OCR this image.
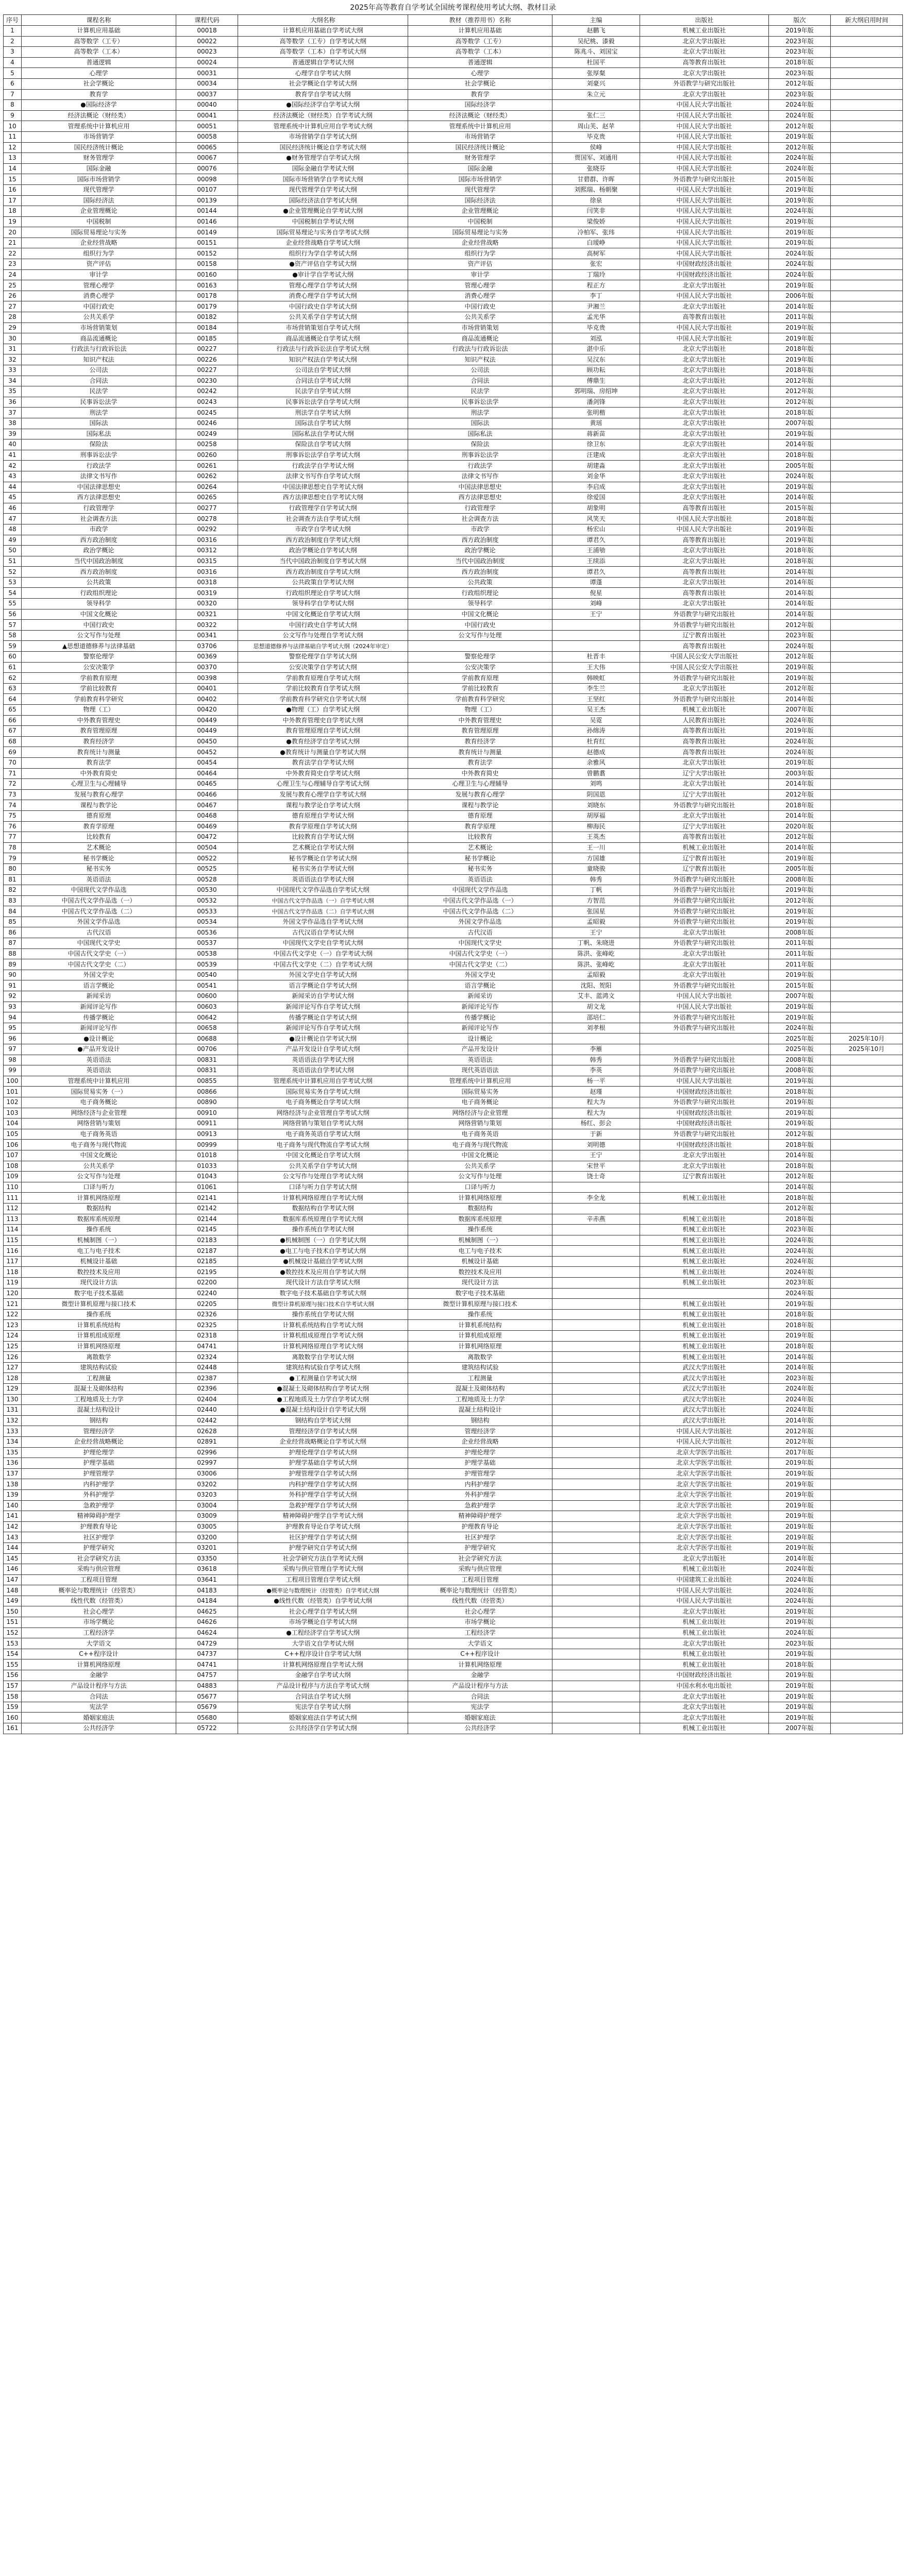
2025年高等教育自学考试全国统考课程使用考试大纲、教材目录
序号	课程名称	课程代码	大纲名称	教材（推荐用书）名称	主编	出版社	版次	新大纲启用时间
1	计算机应用基础	00018	计算机应用基础自学考试大纲	计算机应用基础	赵鹏飞	机械工业出版社	2019年版	
2	高等数学（工专）	00022	高等数学（工专）自学考试大纲	高等数学（工专）	吴纪桃、漆毅	北京大学出版社	2023年版	
3	高等数学（工本）	00023	高等数学（工本）自学考试大纲	高等数学（工本）	陈兆斗、刘国宝	北京大学出版社	2023年版	
4	普通逻辑	00024	普通逻辑自学考试大纲	普通逻辑	杜国平	高等教育出版社	2018年版	
5	心理学	00031	心理学自学考试大纲	心理学	张厚粲	北京大学出版社	2023年版	
6	社会学概论	00034	社会学概论自学考试大纲	社会学概论	刘豪兴	外语教学与研究出版社	2012年版	
7	教育学	00037	教育学自学考试大纲	教育学	朱立元	北京大学出版社	2023年版	
8	●国际经济学	00040	●国际经济学自学考试大纲	国际经济学		中国人民大学出版社	2024年版	
9	经济法概论（财经类）	00041	经济法概论（财经类）自学考试大纲	经济法概论（财经类）	张仁三	中国人民大学出版社	2024年版	
10	管理系统中计算机应用	00051	管理系统中计算机应用自学考试大纲	管理系统中计算机应用	周山芙、赵苹	中国人民大学出版社	2012年版	
11	市场营销学	00058	市场营销学自学考试大纲	市场营销学	毕克贵	中国人民大学出版社	2019年版	
12	国民经济统计概论	00065	国民经济统计概论自学考试大纲	国民经济统计概论	侯峰	中国人民大学出版社	2012年版	
13	财务管理学	00067	●财务管理学自学考试大纲	财务管理学	贾国军、刘通用	中国人民大学出版社	2024年版	
14	国际金融	00076	国际金融自学考试大纲	国际金融	张晓芬	中国人民大学出版社	2024年版	
15	国际市场营销学	00098	国际市场营销学自学考试大纲	国际市场营销学	甘碧群、许晖	外语教学与研究出版社	2015年版	
16	现代管理学	00107	现代管理学自学考试大纲	现代管理学	刘熙瑞、杨朝聚	中国人民大学出版社	2019年版	
17	国际经济法	00139	国际经济法自学考试大纲	国际经济法	徐泉	中国人民大学出版社	2019年版	
18	企业管理概论	00144	●企业管理概论自学考试大纲	企业管理概论	闫笑非	中国人民大学出版社	2024年版	
19	中国税制	00146	中国税制自学考试大纲	中国税制	梁俊娇	中国人民大学出版社	2019年版	
20	国际贸易理论与实务	00149	国际贸易理论与实务自学考试大纲	国际贸易理论与实务	冷柏军、张玮	中国人民大学出版社	2019年版	
21	企业经营战略	00151	企业经营战略自学考试大纲	企业经营战略	白瑷峥	中国人民大学出版社	2019年版	
22	组织行为学	00152	组织行为学自学考试大纲	组织行为学	高树军	中国人民大学出版社	2024年版	
23	资产评估	00158	●资产评估自学考试大纲	资产评估	张宏	中国财政经济出版社	2024年版	
24	审计学	00160	●审计学自学考试大纲	审计学	丁瑞玲	中国财政经济出版社	2024年版	
25	管理心理学	00163	管理心理学自学考试大纲	管理心理学	程正方	北京大学出版社	2019年版	
26	消费心理学	00178	消费心理学自学考试大纲	消费心理学	李丁	中国人民大学出版社	2006年版	
27	中国行政史	00179	中国行政史自学考试大纲	中国行政史	尹湘兰	北京大学出版社	2014年版	
28	公共关系学	00182	公共关系学自学考试大纲	公共关系学	孟光华	高等教育出版社	2011年版	
29	市场营销策划	00184	市场营销策划自学考试大纲	市场营销策划	毕克贵	中国人民大学出版社	2019年版	
30	商品流通概论	00185	商品流通概论自学考试大纲	商品流通概论	刘泓	中国人民大学出版社	2019年版	
31	行政法与行政诉讼法	00227	行政法与行政诉讼法自学考试大纲	行政法与行政诉讼法	湛中乐	北京大学出版社	2018年版	
32	知识产权法	00226	知识产权法自学考试大纲	知识产权法	吴汉东	北京大学出版社	2019年版	
33	公司法	00227	公司法自学考试大纲	公司法	顾功耘	北京大学出版社	2018年版	
34	合同法	00230	合同法自学考试大纲	合同法	傅鼎生	北京大学出版社	2012年版	
35	民法学	00242	民法学自学考试大纲	民法学	郭明瑞、房绍坤	北京大学出版社	2012年版	
36	民事诉讼法学	00243	民事诉讼法学自学考试大纲	民事诉讼法学	潘剑锋	北京大学出版社	2012年版	
37	刑法学	00245	刑法学自学考试大纲	刑法学	张明楷	北京大学出版社	2018年版	
38	国际法	00246	国际法自学考试大纲	国际法	黄瑶	北京大学出版社	2007年版	
39	国际私法	00249	国际私法自学考试大纲	国际私法	蒋新苗	北京大学出版社	2019年版	
40	保险法	00258	保险法自学考试大纲	保险法	徐卫东	北京大学出版社	2014年版	
41	刑事诉讼法学	00260	刑事诉讼法学自学考试大纲	刑事诉讼法学	汪建成	北京大学出版社	2018年版	
42	行政法学	00261	行政法学自学考试大纲	行政法学	胡建淼	北京大学出版社	2005年版	
43	法律文书写作	00262	法律文书写作自学考试大纲	法律文书写作	刘金华	北京大学出版社	2024年版	
44	中国法律思想史	00264	中国法律思想史自学考试大纲	中国法律思想史	李启成	北京大学出版社	2019年版	
45	西方法律思想史	00265	西方法律思想史自学考试大纲	西方法律思想史	徐爱国	北京大学出版社	2014年版	
46	行政管理学	00277	行政管理学自学考试大纲	行政管理学	胡象明	高等教育出版社	2015年版	
47	社会调查方法	00278	社会调查方法自学考试大纲	社会调查方法	风笑天	中国人民大学出版社	2018年版	
48	市政学	00292	市政学自学考试大纲	市政学	杨宏山	中国人民大学出版社	2019年版	
49	西方政治制度	00316	西方政治制度自学考试大纲	西方政治制度	谭君久	高等教育出版社	2019年版	
50	政治学概论	00312	政治学概论自学考试大纲	政治学概论	王浦劬	北京大学出版社	2018年版	
51	当代中国政治制度	00315	当代中国政治制度自学考试大纲	当代中国政治制度	王续添	北京大学出版社	2018年版	
52	西方政治制度	00316	西方政治制度自学考试大纲	西方政治制度	谭君久	高等教育出版社	2014年版	
53	公共政策	00318	公共政策自学考试大纲	公共政策	谭蓬	北京大学出版社	2014年版	
54	行政组织理论	00319	行政组织理论自学考试大纲	行政组织理论	倪星	高等教育出版社	2014年版	
55	领导科学	00320	领导科学自学考试大纲	领导科学	刘峰	北京大学出版社	2014年版	
56	中国文化概论	00321	中国文化概论自学考试大纲	中国文化概论	王宁	外语教学与研究出版社	2014年版	
57	中国行政史	00322	中国行政史自学考试大纲	中国行政史		外语教学与研究出版社	2012年版	
58	公文写作与处理	00341	公文写作与处理自学考试大纲	公文写作与处理		辽宁教育出版社	2023年版	
59	▲思想道德修养与法律基础	03706	思想道德修养与法律基础自学考试大纲（2024年审定）			高等教育出版社	2024年版	
60	警察伦理学	00369	警察伦理学自学考试大纲	警察伦理学	杜晋丰	中国人民公安大学出版社	2012年版	
61	公安决策学	00370	公安决策学自学考试大纲	公安决策学	王大伟	中国人民公安大学出版社	2019年版	
62	学前教育原理	00398	学前教育原理自学考试大纲	学前教育原理	韩映虹	外语教学与研究出版社	2019年版	
63	学前比较教育	00401	学前比较教育自学考试大纲	学前比较教育	李生兰	北京大学出版社	2012年版	
64	学前教育科学研究	00402	学前教育科学研究自学考试大纲	学前教育科学研究	王坚红	外语教学与研究出版社	2014年版	
65	物理（工）	00420	●物理（工）自学考试大纲	物理（工）	吴王杰	机械工业出版社	2007年版	
66	中外教育管理史	00449	中外教育管理史自学考试大纲	中外教育管理史	吴霓	人民教育出版社	2024年版	
67	教育管理原理	00449	教育管理原理自学考试大纲	教育管理原理	孙绵涛	高等教育出版社	2019年版	
68	教育经济学	00450	●教育经济学自学考试大纲	教育经济学	杜育红	高等教育出版社	2024年版	
69	教育统计与测量	00452	●教育统计与测量自学考试大纲	教育统计与测量	赵德成	高等教育出版社	2024年版	
70	教育法学	00454	教育法学自学考试大纲	教育法学	余雅风	北京大学出版社	2019年版	
71	中外教育简史	00464	中外教育简史自学考试大纲	中外教育简史	曾鹏翥	辽宁大学出版社	2003年版	
72	心理卫生与心理辅导	00465	心理卫生与心理辅导自学考试大纲	心理卫生与心理辅导	刘鸣	北京大学出版社	2014年版	
73	发展与教育心理学	00466	发展与教育心理学自学考试大纲	发展与教育心理学	阴国恩	辽宁大学出版社	2012年版	
74	课程与教学论	00467	课程与教学论自学考试大纲	课程与教学论	刘晓东	外语教学与研究出版社	2018年版	
75	德育原理	00468	德育原理自学考试大纲	德育原理	胡厚福	北京大学出版社	2014年版	
76	教育学原理	00469	教育学原理自学考试大纲	教育学原理	柳海民	辽宁大学出版社	2020年版	
77	比较教育	00472	比较教育自学考试大纲	比较教育	王英杰	高等教育出版社	2012年版	
78	艺术概论	00504	艺术概论自学考试大纲	艺术概论	王一川	机械工业出版社	2014年版	
79	秘书学概论	00522	秘书学概论自学考试大纲	秘书学概论	方国雄	辽宁教育出版社	2019年版	
80	秘书实务	00525	秘书实务自学考试大纲	秘书实务	童晓骏	辽宁教育出版社	2005年版	
81	英语语法	00528	英语语法自学考试大纲	英语语法	韩秀	外语教学与研究出版社	2008年版	
82	中国现代文学作品选	00530	中国现代文学作品选自学考试大纲	中国现代文学作品选	丁帆	外语教学与研究出版社	2019年版	
83	中国古代文学作品选（一）	00532	中国古代文学作品选（一）自学考试大纲	中国古代文学作品选（一）	方智范	外语教学与研究出版社	2012年版	
84	中国古代文学作品选（二）	00533	中国古代文学作品选（二）自学考试大纲	中国古代文学作品选（二）	张国星	外语教学与研究出版社	2019年版	
85	外国文学作品选	00534	外国文学作品选自学考试大纲	外国文学作品选	孟昭毅	外语教学与研究出版社	2019年版	
86	古代汉语	00536	古代汉语自学考试大纲	古代汉语	王宁	北京大学出版社	2008年版	
87	中国现代文学史	00537	中国现代文学史自学考试大纲	中国现代文学史	丁帆、朱晓进	外语教学与研究出版社	2011年版	
88	中国古代文学史（一）	00538	中国古代文学史（一）自学考试大纲	中国古代文学史（一）	陈洪、张峰屹	北京大学出版社	2011年版	
89	中国古代文学史（二）	00539	中国古代文学史（二）自学考试大纲	中国古代文学史（二）	陈洪、张峰屹	北京大学出版社	2011年版	
90	外国文学史	00540	外国文学史自学考试大纲	外国文学史	孟昭毅	北京大学出版社	2019年版	
91	语言学概论	00541	语言学概论自学考试大纲	语言学概论	沈阳、贺阳	外语教学与研究出版社	2015年版	
92	新闻采访	00600	新闻采访自学考试大纲	新闻采访	艾丰、蓝鸿文	中国人民大学出版社	2007年版	
93	新闻评论写作	00603	新闻评论写作自学考试大纲	新闻评论写作	胡文龙	中国人民大学出版社	2019年版	
94	传播学概论	00642	传播学概论自学考试大纲	传播学概论	邵培仁	外语教学与研究出版社	2019年版	
95	新闻评论写作	00658	新闻评论写作自学考试大纲	新闻评论写作	刘孝根	外语教学与研究出版社	2024年版	
96	●设计概论	00688	●设计概论自学考试大纲	设计概论			2025年版	2025年10月
97	●产品开发设计	00706	产品开发设计自学考试大纲	产品开发设计	李雁		2025年版	2025年10月
98	英语语法	00831	英语语法自学考试大纲	英语语法	韩秀	外语教学与研究出版社	2008年版	
99	英语语法	00831	英语语法自学考试大纲	现代英语语法	李英	外语教学与研究出版社	2008年版	
100	管理系统中计算机应用	00855	管理系统中计算机应用自学考试大纲	管理系统中计算机应用	杨一平	中国人民大学出版社	2019年版	
101	国际贸易实务（一）	00866	国际贸易实务自学考试大纲	国际贸易实务	赵瑾	中国财政经济出版社	2018年版	
102	电子商务概论	00890	电子商务概论自学考试大纲	电子商务概论	程大为	外语教学与研究出版社	2019年版	
103	网络经济与企业管理	00910	网络经济与企业管理自学考试大纲	网络经济与企业管理	程大为	中国财政经济出版社	2019年版	
104	网络营销与策划	00911	网络营销与策划自学考试大纲	网络营销与策划	杨红、彭会	中国财政经济出版社	2019年版	
105	电子商务英语	00913	电子商务英语自学考试大纲	电子商务英语	于新	外语教学与研究出版社	2012年版	
106	电子商务与现代物流	00999	电子商务与现代物流自学考试大纲	电子商务与现代物流	刘明德	中国财政经济出版社	2018年版	
107	中国文化概论	01018	中国文化概论自学考试大纲	中国文化概论	王宁	北京大学出版社	2014年版	
108	公共关系学	01033	公共关系学自学考试大纲	公共关系学	宋世平	北京大学出版社	2018年版	
109	公文写作与处理	01043	公文写作与处理自学考试大纲	公文写作与处理	饶士奇	辽宁教育出版社	2012年版	
110	口译与听力	01061	口译与听力自学考试大纲	口译与听力			2014年版	
111	计算机网络原理	02141	计算机网络原理自学考试大纲	计算机网络原理	李全龙	机械工业出版社	2018年版	
112	数据结构	02142	数据结构自学考试大纲	数据结构			2012年版	
113	数据库系统原理	02144	数据库系统原理自学考试大纲	数据库系统原理	辛赤燕	机械工业出版社	2018年版	
114	操作系统	02145	操作系统自学考试大纲	操作系统		机械工业出版社	2023年版	
115	机械制图（一）	02183	●机械制图（一）自学考试大纲	机械制图（一）		机械工业出版社	2024年版	
116	电工与电子技术	02187	●电工与电子技术自学考试大纲	电工与电子技术		机械工业出版社	2024年版	
117	机械设计基础	02185	●机械设计基础自学考试大纲	机械设计基础		机械工业出版社	2024年版	
118	数控技术及应用	02195	●数控技术及应用自学考试大纲	数控技术及应用		机械工业出版社	2024年版	
119	现代设计方法	02200	现代设计方法自学考试大纲	现代设计方法		机械工业出版社	2023年版	
120	数字电子技术基础	02240	数字电子技术基础自学考试大纲	数字电子技术基础			2024年版	
121	微型计算机原理与接口技术	02205	微型计算机原理与接口技术自学考试大纲	微型计算机原理与接口技术		机械工业出版社	2019年版	
122	操作系统	02326	操作系统自学考试大纲	操作系统		机械工业出版社	2018年版	
123	计算机系统结构	02325	计算机系统结构自学考试大纲	计算机系统结构		机械工业出版社	2018年版	
124	计算机组成原理	02318	计算机组成原理自学考试大纲	计算机组成原理		机械工业出版社	2019年版	
125	计算机网络原理	04741	计算机网络原理自学考试大纲	计算机网络原理		机械工业出版社	2018年版	
126	离散数学	02324	离散数学自学考试大纲	离散数学		机械工业出版社	2014年版	
127	建筑结构试验	02448	建筑结构试验自学考试大纲	建筑结构试验		武汉大学出版社	2014年版	
128	工程测量	02387	●工程测量自学考试大纲	工程测量		武汉大学出版社	2023年版	
129	混凝土及砌体结构	02396	●混凝土及砌体结构自学考试大纲	混凝土及砌体结构		武汉大学出版社	2024年版	
130	工程地质及土力学	02404	●工程地质及土力学自学考试大纲	工程地质及土力学		武汉大学出版社	2024年版	
131	混凝土结构设计	02440	●混凝土结构设计自学考试大纲	混凝土结构设计		武汉大学出版社	2024年版	
132	钢结构	02442	钢结构自学考试大纲	钢结构		武汉大学出版社	2014年版	
133	管理经济学	02628	管理经济学自学考试大纲	管理经济学		中国人民大学出版社	2012年版	
134	企业经营战略概论	02891	企业经营战略概论自学考试大纲	企业经营战略		中国人民大学出版社	2012年版	
135	护理伦理学	02996	护理伦理学自学考试大纲	护理伦理学		北京大学医学出版社	2017年版	
136	护理学基础	02997	护理学基础自学考试大纲	护理学基础		北京大学医学出版社	2019年版	
137	护理管理学	03006	护理管理学自学考试大纲	护理管理学		北京大学医学出版社	2019年版	
138	内科护理学	03202	内科护理学自学考试大纲	内科护理学		北京大学医学出版社	2019年版	
139	外科护理学	03203	外科护理学自学考试大纲	外科护理学		北京大学医学出版社	2019年版	
140	急救护理学	03004	急救护理学自学考试大纲	急救护理学		北京大学医学出版社	2019年版	
141	精神障碍护理学	03009	精神障碍护理学自学考试大纲	精神障碍护理学		北京大学医学出版社	2019年版	
142	护理教育导论	03005	护理教育导论自学考试大纲	护理教育导论		北京大学医学出版社	2019年版	
143	社区护理学	03200	社区护理学自学考试大纲	社区护理学		北京大学医学出版社	2019年版	
144	护理学研究	03201	护理学研究自学考试大纲	护理学研究		北京大学医学出版社	2019年版	
145	社会学研究方法	03350	社会学研究方法自学考试大纲	社会学研究方法		北京大学出版社	2014年版	
146	采购与供应管理	03618	采购与供应管理自学考试大纲	采购与供应管理		机械工业出版社	2024年版	
147	工程项目管理	03641	工程项目管理自学考试大纲	工程项目管理		中国建筑工业出版社	2024年版	
148	概率论与数理统计（经管类）	04183	●概率论与数理统计（经管类）自学考试大纲	概率论与数理统计（经管类）		中国人民大学出版社	2024年版	
149	线性代数（经管类）	04184	●线性代数（经管类）自学考试大纲	线性代数（经管类）		中国人民大学出版社	2024年版	
150	社会心理学	04625	社会心理学自学考试大纲	社会心理学		北京大学出版社	2019年版	
151	市场学概论	04626	市场学概论自学考试大纲	市场学概论		机械工业出版社	2019年版	
152	工程经济学	04624	●工程经济学自学考试大纲	工程经济学		机械工业出版社	2024年版	
153	大学语文	04729	大学语文自学考试大纲	大学语文		北京大学出版社	2023年版	
154	C++程序设计	04737	C++程序设计自学考试大纲	C++程序设计		机械工业出版社	2019年版	
155	计算机网络原理	04741	计算机网络原理自学考试大纲	计算机网络原理		机械工业出版社	2018年版	
156	金融学	04757	金融学自学考试大纲	金融学		中国财政经济出版社	2019年版	
157	产品设计程序与方法	04883	产品设计程序与方法自学考试大纲	产品设计程序与方法		中国水利水电出版社	2019年版	
158	合同法	05677	合同法自学考试大纲	合同法		北京大学出版社	2019年版	
159	宪法学	05679	宪法学自学考试大纲	宪法学		北京大学出版社	2019年版	
160	婚姻家庭法	05680	婚姻家庭法自学考试大纲	婚姻家庭法		北京大学出版社	2019年版	
161	公共经济学	05722	公共经济学自学考试大纲	公共经济学		机械工业出版社	2007年版	
